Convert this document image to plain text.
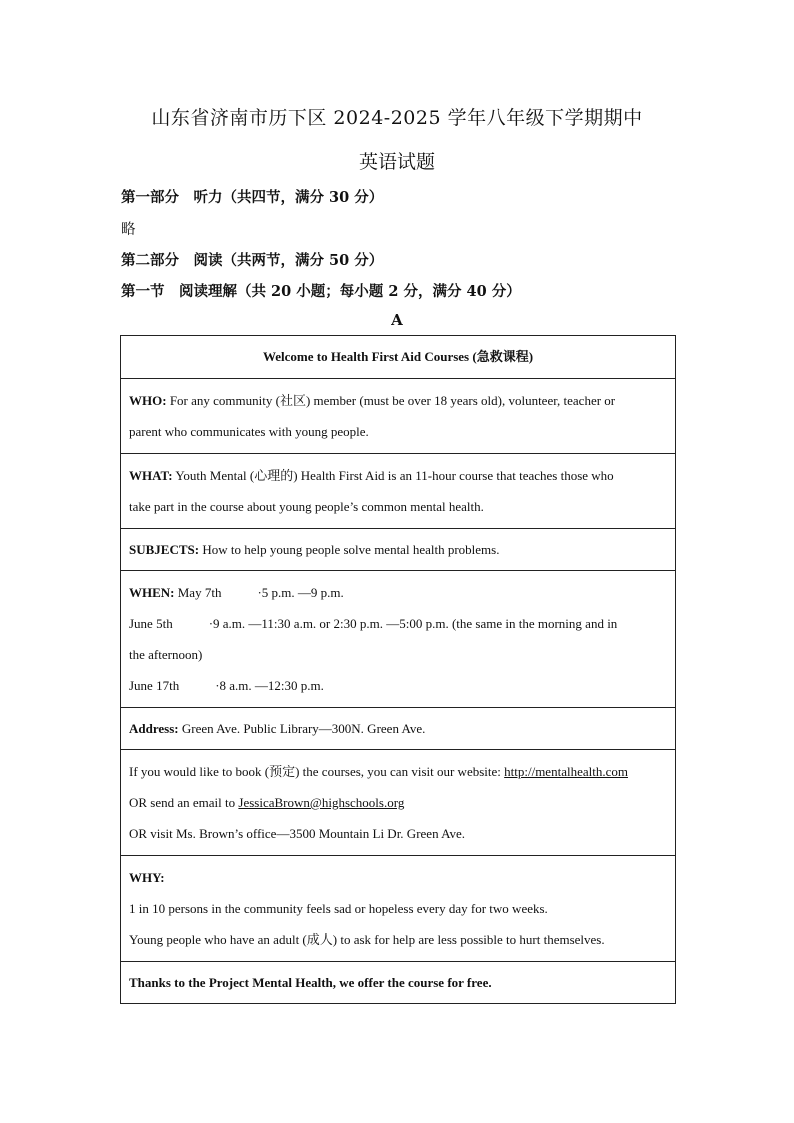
山东省济南市历下区 2024-2025 学年八年级下学期期中
英语试题
第一部分　听力（共四节，满分 30 分）
略
第二部分　阅读（共两节，满分 50 分）
第一节　阅读理解（共 20 小题；每小题 2 分，满分 40 分）
A
Welcome to Health First Aid Courses (急救课程)

WHO: For any community (社区) member (must be over 18 years old), volunteer, teacher or
parent who communicates with young people.

WHAT: Youth Mental (心理的) Health First Aid is an 11-hour course that teaches those who
take part in the course about young people’s common mental health.

SUBJECTS: How to help young people solve mental health problems.

WHEN: May 7th	·5 p.m. —9 p.m.
June 5th	·9 a.m. —11:30 a.m. or 2:30 p.m. —5:00 p.m. (the same in the morning and in
the afternoon)
June 17th	·8 a.m. —12:30 p.m.

Address: Green Ave. Public Library—300N. Green Ave.

If you would like to book (预定) the courses, you can visit our website: http://mentalhealth.com
OR send an email to JessicaBrown@highschools.org
OR visit Ms. Brown’s office—3500 Mountain Li Dr. Green Ave.

WHY:
1 in 10 persons in the community feels sad or hopeless every day for two weeks.
Young people who have an adult (成人) to ask for help are less possible to hurt themselves.

Thanks to the Project Mental Health, we offer the course for free.
